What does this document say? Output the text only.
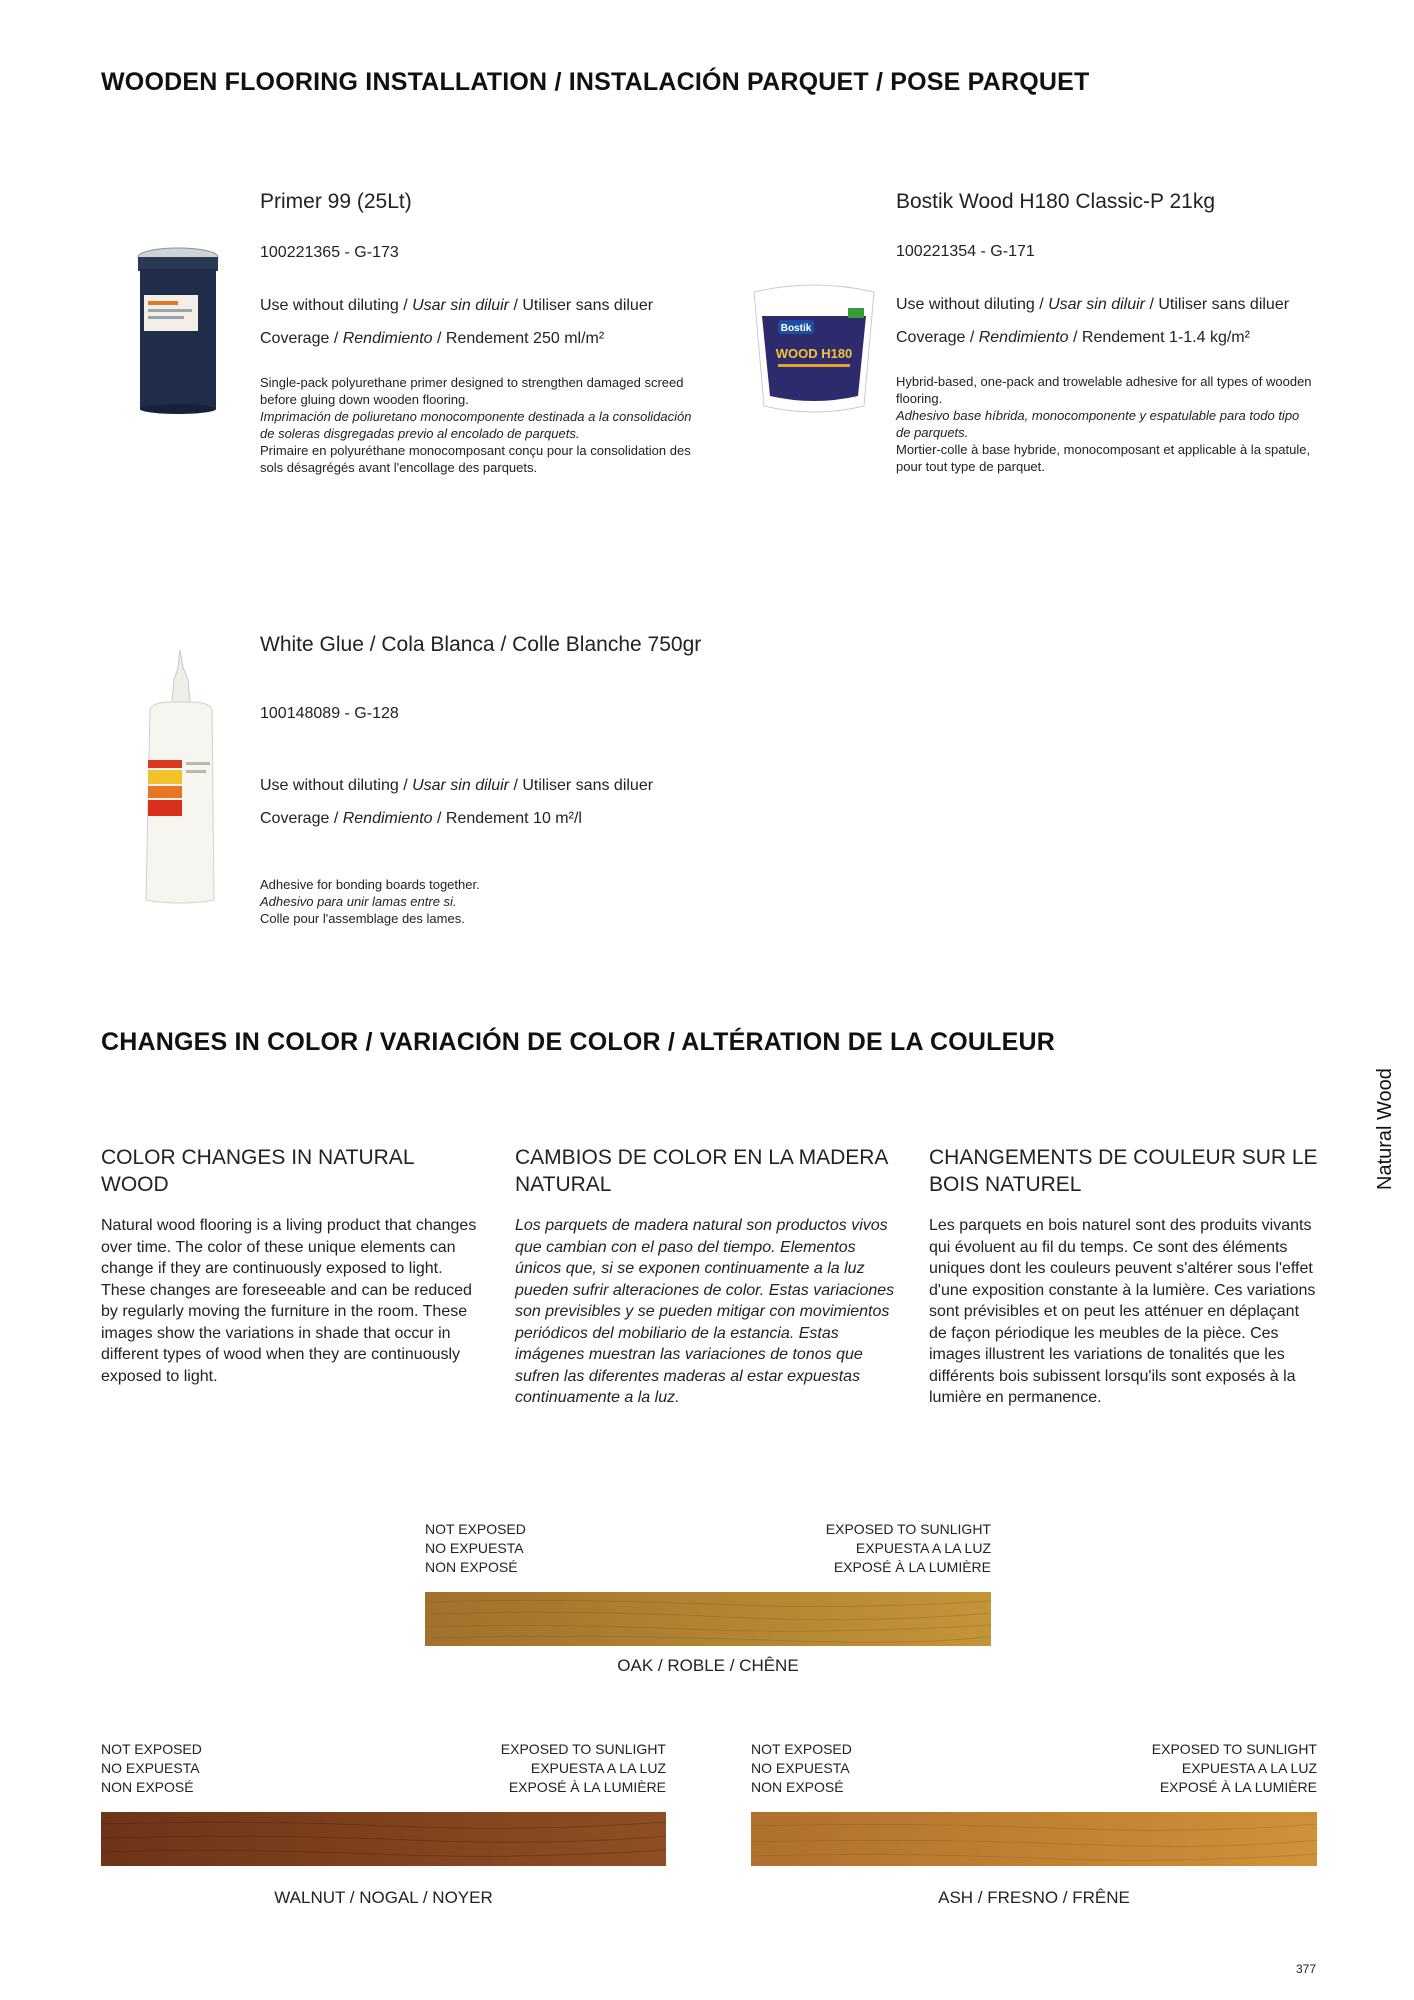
WOODEN FLOORING INSTALLATION / INSTALACIÓN PARQUET / POSE PARQUET
Primer 99 (25Lt)
100221365 - G-173
Use without diluting / Usar sin diluir / Utiliser sans diluer
Coverage / Rendimiento / Rendement 250 ml/m²
Single-pack polyurethane primer designed to strengthen damaged screed before gluing down wooden flooring.
Imprimación de poliuretano monocomponente destinada a la consolidación de soleras disgregadas previo al encolado de parquets.
Primaire en polyuréthane monocomposant conçu pour la consolidation des sols désagrégés avant l'encollage des parquets.
Bostik
WOOD H180
Bostik Wood H180 Classic-P 21kg
100221354 - G-171
Use without diluting / Usar sin diluir / Utiliser sans diluer
Coverage / Rendimiento / Rendement 1-1.4 kg/m²
Hybrid-based, one-pack and trowelable adhesive for all types of wooden flooring.
Adhesivo base híbrida, monocomponente y espatulable para todo tipo de parquets.
Mortier-colle à base hybride, monocomposant et applicable à la spatule, pour tout type de parquet.
White Glue / Cola Blanca / Colle Blanche 750gr
100148089 - G-128
Use without diluting / Usar sin diluir / Utiliser sans diluer
Coverage / Rendimiento / Rendement 10 m²/l
Adhesive for bonding boards together.
Adhesivo para unir lamas entre si.
Colle pour l'assemblage des lames.
CHANGES IN COLOR / VARIACIÓN DE COLOR / ALTÉRATION DE LA COULEUR
COLOR CHANGES IN NATURAL WOOD
Natural wood flooring is a living product that changes over time. The color of these unique elements can change if they are continuously exposed to light. These changes are foreseeable and can be reduced by regularly moving the furniture in the room. These images show the variations in shade that occur in different types of wood when they are continuously exposed to light.
CAMBIOS DE COLOR EN LA MADERA NATURAL
Los parquets de madera natural son productos vivos que cambian con el paso del tiempo. Elementos únicos que, si se exponen continuamente a la luz pueden sufrir alteraciones de color. Estas variaciones son previsibles y se pueden mitigar con movimientos periódicos del mobiliario de la estancia. Estas imágenes muestran las variaciones de tonos que sufren las diferentes maderas al estar expuestas continuamente a la luz.
CHANGEMENTS DE COULEUR SUR LE BOIS NATUREL
Les parquets en bois naturel sont des produits vivants qui évoluent au fil du temps. Ce sont des éléments uniques dont les couleurs peuvent s'altérer sous l'effet d'une exposition constante à la lumière. Ces variations sont prévisibles et on peut les atténuer en déplaçant de façon périodique les meubles de la pièce. Ces images illustrent les variations de tonalités que les différents bois subissent lorsqu'ils sont exposés à la lumière en permanence.
NOT EXPOSED
NO EXPUESTA
NON EXPOSÉ
EXPOSED TO SUNLIGHT
EXPUESTA A LA LUZ
EXPOSÉ À LA LUMIÈRE
OAK / ROBLE / CHÊNE
NOT EXPOSED
NO EXPUESTA
NON EXPOSÉ
EXPOSED TO SUNLIGHT
EXPUESTA A LA LUZ
EXPOSÉ À LA LUMIÈRE
WALNUT / NOGAL / NOYER
NOT EXPOSED
NO EXPUESTA
NON EXPOSÉ
EXPOSED TO SUNLIGHT
EXPUESTA A LA LUZ
EXPOSÉ À LA LUMIÈRE
ASH / FRESNO / FRÊNE
Natural Wood
377
